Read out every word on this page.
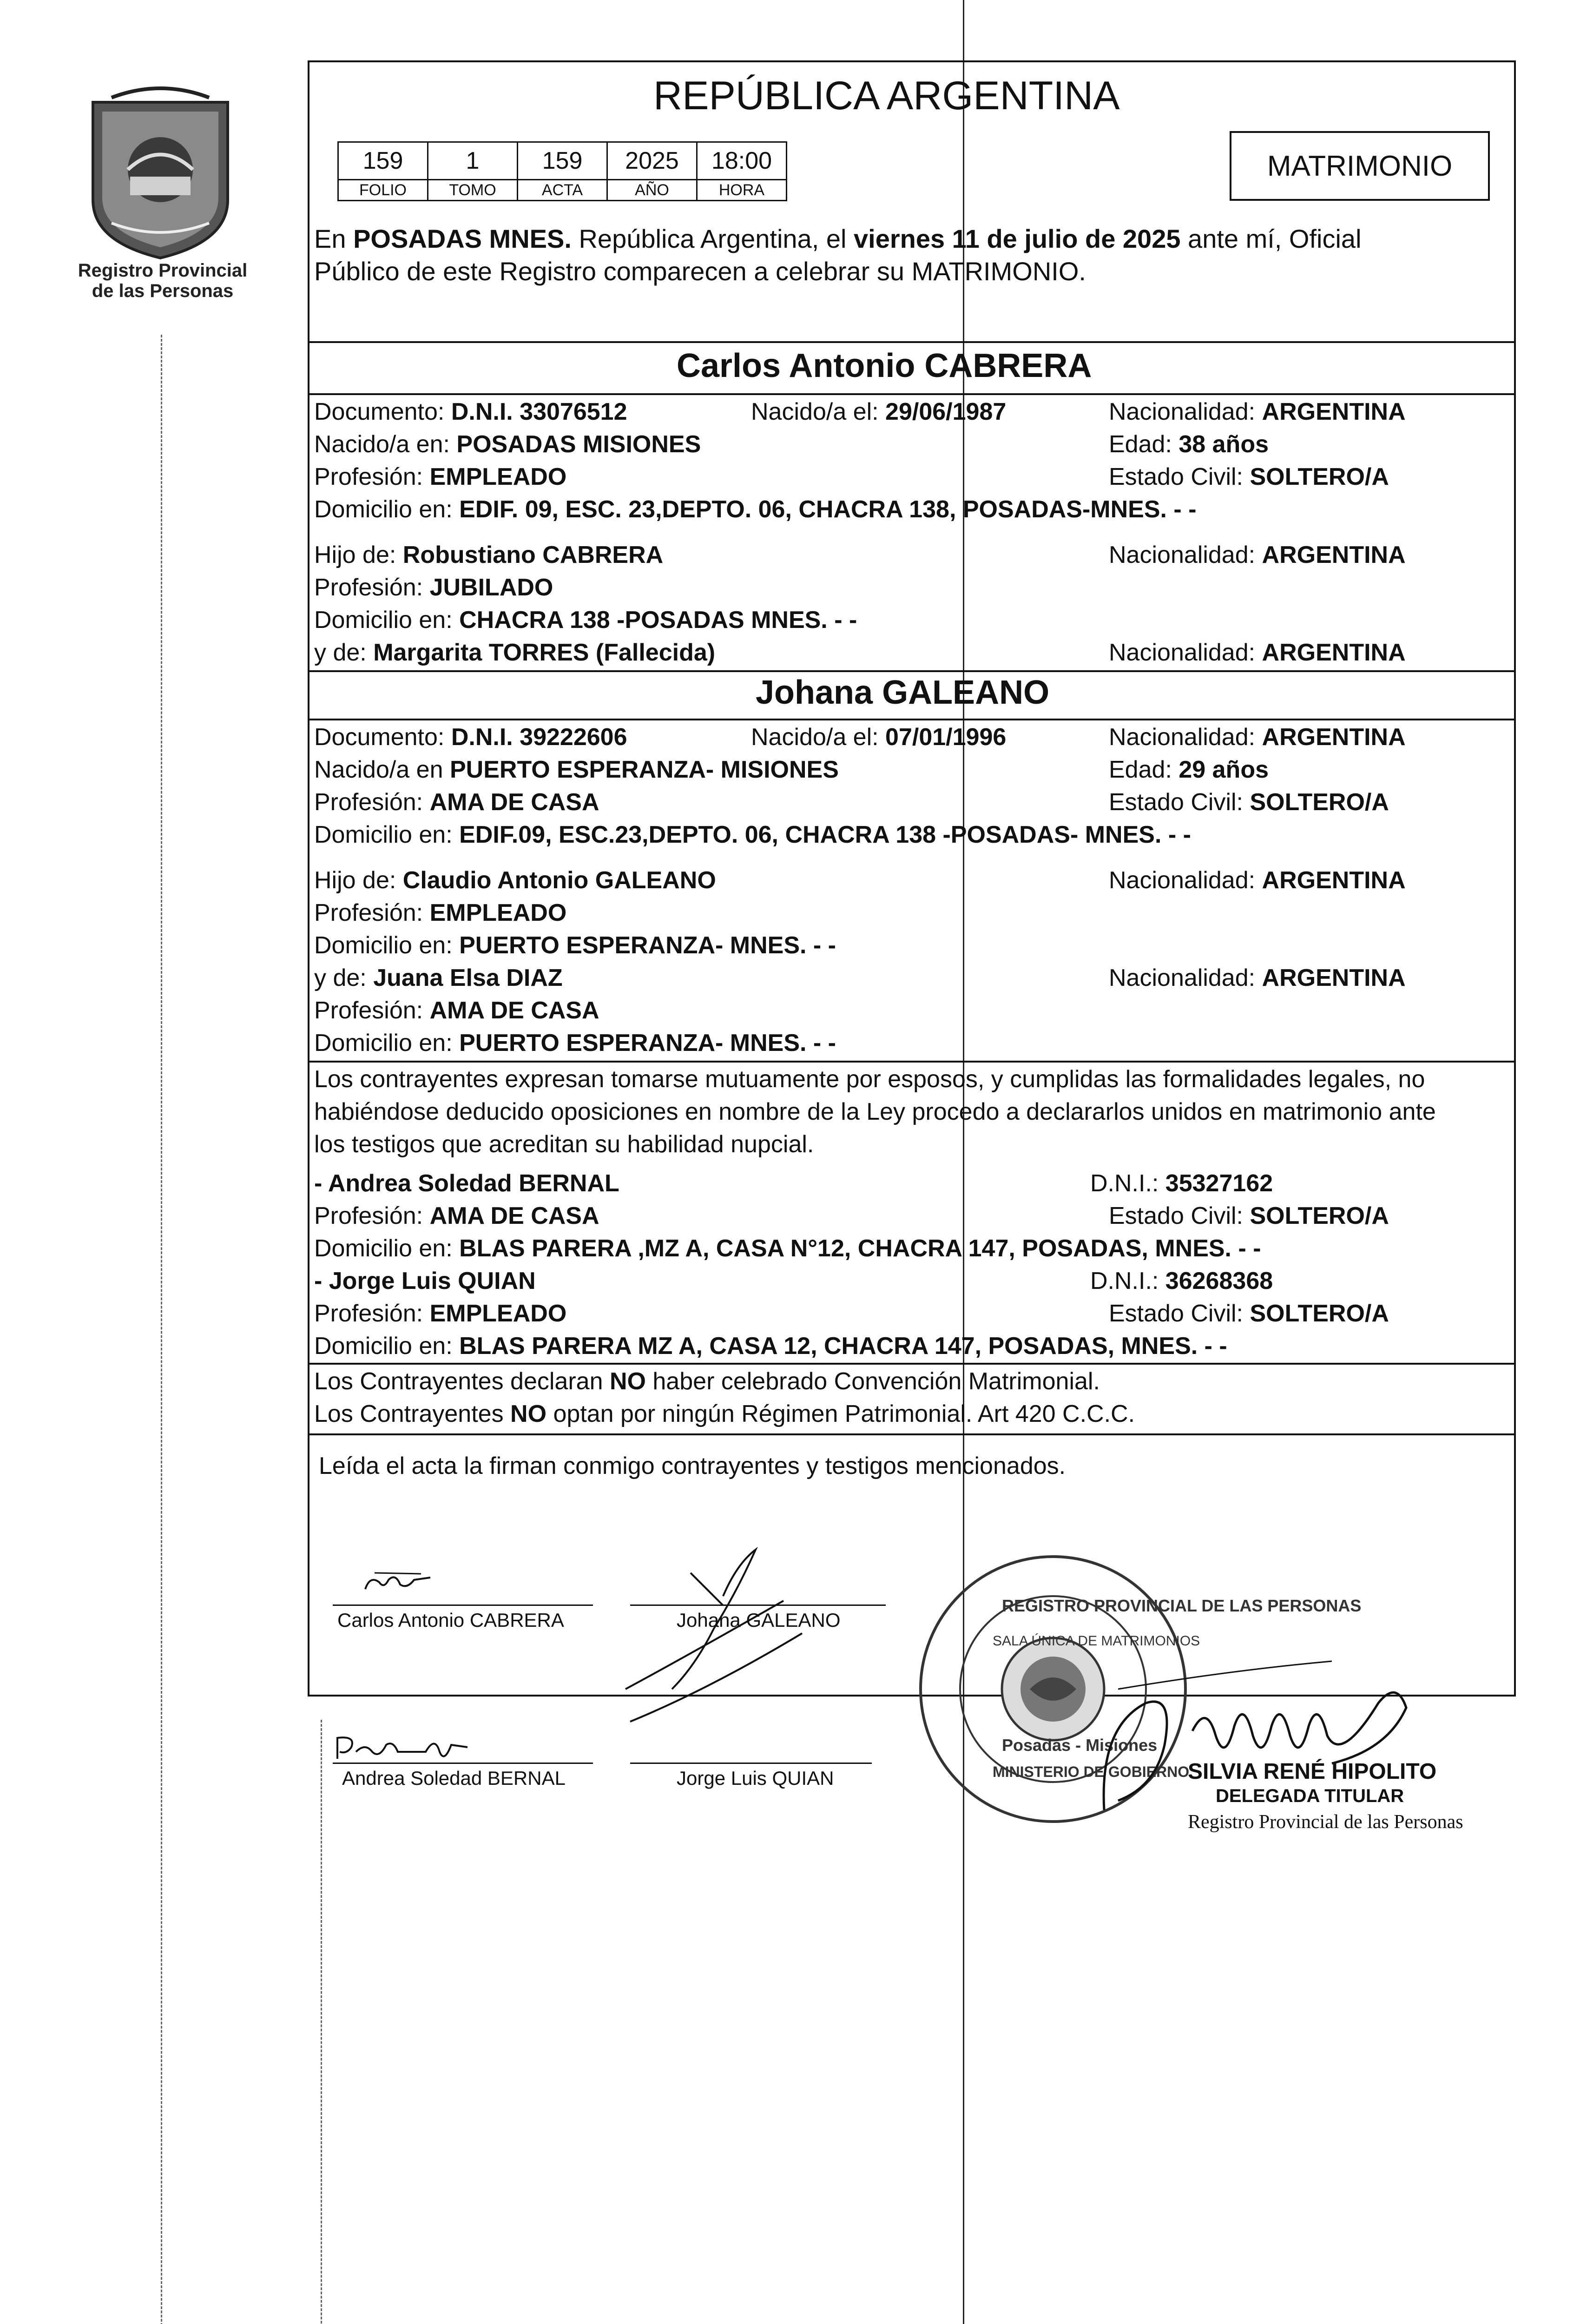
Registro Provincial
de las Personas
REPÚBLICA ARGENTINA
159	1	159	2025	18:00
FOLIO	TOMO	ACTA	AÑO	HORA
MATRIMONIO
En POSADAS MNES. República Argentina, el viernes 11 de julio de 2025 ante mí, Oficial
Público de este Registro comparecen a celebrar su MATRIMONIO.
Carlos Antonio CABRERA
Documento: D.N.I. 33076512	Nacido/a el: 29/06/1987	Nacionalidad: ARGENTINA
Nacido/a en: POSADAS MISIONES	Edad: 38 años
Profesión: EMPLEADO	Estado Civil: SOLTERO/A
Domicilio en: EDIF. 09, ESC. 23,DEPTO. 06, CHACRA 138, POSADAS-MNES. - -
Hijo de: Robustiano CABRERA	Nacionalidad: ARGENTINA
Profesión: JUBILADO
Domicilio en: CHACRA 138 -POSADAS MNES. - -
y de: Margarita TORRES (Fallecida)	Nacionalidad: ARGENTINA
Johana GALEANO
Documento: D.N.I. 39222606	Nacido/a el: 07/01/1996	Nacionalidad: ARGENTINA
Nacido/a en PUERTO ESPERANZA- MISIONES	Edad: 29 años
Profesión: AMA DE CASA	Estado Civil: SOLTERO/A
Domicilio en: EDIF.09, ESC.23,DEPTO. 06, CHACRA 138 -POSADAS- MNES. - -
Hijo de: Claudio Antonio GALEANO	Nacionalidad: ARGENTINA
Profesión: EMPLEADO
Domicilio en: PUERTO ESPERANZA- MNES. - -
y de: Juana Elsa DIAZ	Nacionalidad: ARGENTINA
Profesión: AMA DE CASA
Domicilio en: PUERTO ESPERANZA- MNES. - -
Los contrayentes expresan tomarse mutuamente por esposos, y cumplidas las formalidades legales, no
habiéndose deducido oposiciones en nombre de la Ley procedo a declararlos unidos en matrimonio ante
los testigos que acreditan su habilidad nupcial.
- Andrea Soledad BERNAL	D.N.I.: 35327162
Profesión: AMA DE CASA	Estado Civil: SOLTERO/A
Domicilio en: BLAS PARERA ,MZ A, CASA N°12, CHACRA 147, POSADAS, MNES. - -
- Jorge Luis QUIAN	D.N.I.: 36268368
Profesión: EMPLEADO	Estado Civil: SOLTERO/A
Domicilio en: BLAS PARERA MZ A, CASA 12, CHACRA 147, POSADAS, MNES. - -
Los Contrayentes declaran NO haber celebrado Convención Matrimonial.
Los Contrayentes NO optan por ningún Régimen Patrimonial. Art 420 C.C.C.
Leída el acta la firman conmigo contrayentes y testigos mencionados.
Carlos Antonio CABRERA	Johana GALEANO
Andrea Soledad BERNAL	Jorge Luis QUIAN
REGISTRO PROVINCIAL DE LAS PERSONAS
SALA ÚNICA DE MATRIMONIOS
Posadas - Misiones
MINISTERIO DE GOBIERNO
SILVIA RENÉ HIPOLITO
DELEGADA TITULAR
Registro Provincial de las Personas
